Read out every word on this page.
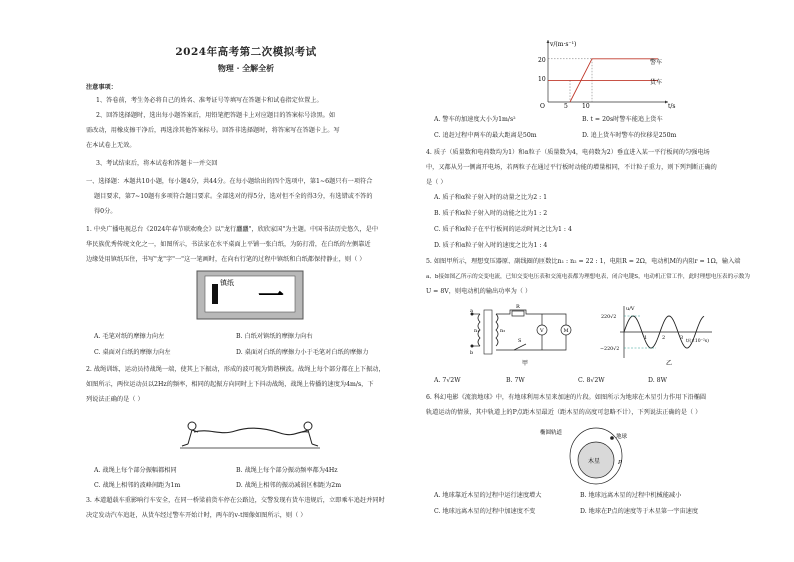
2024年高考第二次模拟考试
物理 · 全解全析
注意事项：
1、答卷前，考生务必将自己的姓名、准考证号等填写在答题卡和试卷指定位置上。
2、回答选择题时，选出每小题答案后，用铅笔把答题卡上对应题目的答案标号涂黑。如
需改动，用橡皮擦干净后，再选涂其他答案标号。回答非选择题时，将答案写在答题卡上。写
在本试卷上无效。
3、考试结束后，将本试卷和答题卡一并交回
一、选择题：本题共10小题，每小题4分，共44分。在每小题给出的四个选项中，第1~6题只有一项符合
题目要求，第7~10题有多项符合题目要求。全部选对的得5分，选对但不全的得3分，有选错或不答的
得0分。
1. 中央广播电视总台《2024年春节联欢晚会》以"龙行龘龘"，欣欣家国"为主题。中国书法历史悠久，是中
华民族优秀传统文化之一，如图所示，书法家在水平桌面上平铺一张白纸，为防打滑，在白纸的左侧靠近
边缘处用镇纸压住，书写"龙"字"一"这一笔画时，在向右行笔的过程中镇纸和白纸都保持静止，则（ ）
镇纸 一
A. 毛笔对纸的摩擦力向左	B. 白纸对镇纸的摩擦力向右
C. 桌面对白纸的摩擦力向左	D. 桌面对白纸的摩擦力小于毛笔对白纸的摩擦力
2. 战绳训练，运动员持战绳一端，使其上下振动，形成的波可视为简谐横波。战绳上每个部分都在上下振动，
如图所示，两位运动员以2Hz的频率，相同的起振方向同时上下抖动战绳，战绳上传播的速度为4m/s，下
列说法正确的是（ ）
A. 战绳上每个部分振幅都相同	B. 战绳上每个部分振动频率都为4Hz
C. 战绳上相邻的波峰间距为1m	D. 战绳上相邻的振动减弱区相距为2m
3. 本道超载车重影响行车安全，在同一桥梁前货车停在公路边，交警发现有货车违规后，立即乘车追赶并同时
决定发动汽车追赶，从货车经过警车开始计时，两车的v-t图像如图所示，则（ ）
v/(m·s⁻¹)
t/s
O
20
10
5 10
警车
货车
A. 警车的加速度大小为1m/s²	B. t = 20s时警车能追上货车
C. 追赶过程中两车的最大距离是50m	D. 追上货车时警车的位移是250m
4. 质子（质量数和电荷数均为1）和α粒子（质量数为4，电荷数为2）垂直进入某一平行板间的匀强电场
中，又都从另一侧离开电场，若两粒子在通过平行板时动能的增量相同，不计粒子重力，则下列判断正确的
是（ ）
A. 质子和α粒子射入时的动量之比为2 : 1
B. 质子和α粒子射入时的动能之比为1 : 2
C. 质子和α粒子在平行板间的运动时间之比为1 : 4
D. 质子和α粒子射入时的速度之比为1 : 4
5. 如图甲所示，理想变压器原、副线圈的匝数比n₁ : n₂ = 22 : 1，电阻R = 2Ω，电动机M的内阻r = 1Ω，输入端
a、b接如图乙所示的交变电流，已知交变电压表和交流电表都为理想电表，闭合电键S，电动机正常工作，此时理想电压表的示数为
U = 8V，则电动机的输出功率为（ ）
a
b
n₁	n₂
R
V	M
S
甲
u/V
220√2
−220√2
1	2	3
t/(×10⁻²s)
乙
A. 7√2W	B. 7W	C. 8√2W	D. 8W
6. 科幻电影《流浪地球》中，有地球利用木星来加速的片段。如图所示为地球在木星引力作用下沿椭圆
轨道运动的情景，其中轨道上的P点距木星最近（距木星的高度可忽略不计），下列说法正确的是（ ）
木星
地球
P
椭圆轨道
A. 地球靠近木星的过程中运行速度增大	B. 地球远离木星的过程中机械能减小
C. 地球远离木星的过程中加速度不变	D. 地球在P点的速度等于木星第一宇宙速度
